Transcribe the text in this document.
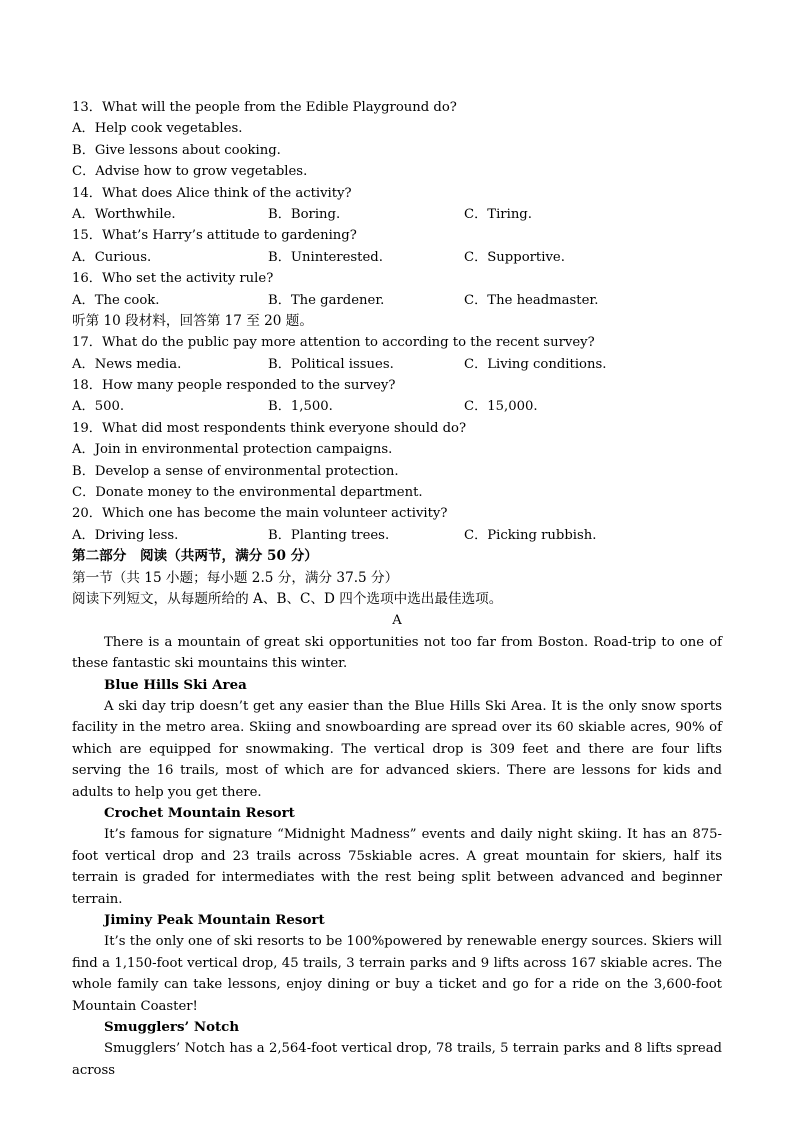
13．What will the people from the Edible Playground do?
A．Help cook vegetables.
B．Give lessons about cooking.
C．Advise how to grow vegetables.
14．What does Alice think of the activity?
A．Worthwhile.	B．Boring.	C．Tiring.
15．What’s Harry’s attitude to gardening?
A．Curious.	B．Uninterested.	C．Supportive.
16．Who set the activity rule?
A．The cook.	B．The gardener.	C．The headmaster.
听第 10 段材料，回答第 17 至 20 题。
17．What do the public pay more attention to according to the recent survey?
A．News media.	B．Political issues.	C．Living conditions.
18．How many people responded to the survey?
A．500.	B．1,500.	C．15,000.
19．What did most respondents think everyone should do?
A．Join in environmental protection campaigns.
B．Develop a sense of environmental protection.
C．Donate money to the environmental department.
20．Which one has become the main volunteer activity?
A．Driving less.	B．Planting trees.	C．Picking rubbish.
第二部分　阅读（共两节，满分 50 分）
第一节（共 15 小题；每小题 2.5 分，满分 37.5 分）
阅读下列短文，从每题所给的 A、B、C、D 四个选项中选出最佳选项。
A

There is a mountain of great ski opportunities not too far from Boston. Road-trip to one of these fantastic ski mountains this winter.

Blue Hills Ski Area

A ski day trip doesn’t get any easier than the Blue Hills Ski Area. It is the only snow sports facility in the metro area. Skiing and snowboarding are spread over its 60 skiable acres, 90% of which are equipped for snowmaking. The vertical drop is 309 feet and there are four lifts serving the 16 trails, most of which are for advanced skiers. There are lessons for kids and adults to help you get there.

Crochet Mountain Resort

It’s famous for signature “Midnight Madness” events and daily night skiing. It has an 875-foot vertical drop and 23 trails across 75skiable acres. A great mountain for skiers, half its terrain is graded for intermediates with the rest being split between advanced and beginner terrain.

Jiminy Peak Mountain Resort

It’s the only one of ski resorts to be 100%powered by renewable energy sources. Skiers will find a 1,150-foot vertical drop, 45 trails, 3 terrain parks and 9 lifts across 167 skiable acres. The whole family can take lessons, enjoy dining or buy a ticket and go for a ride on the 3,600-foot Mountain Coaster!

Smugglers’ Notch

Smugglers’ Notch has a 2,564-foot vertical drop, 78 trails, 5 terrain parks and 8 lifts spread across
